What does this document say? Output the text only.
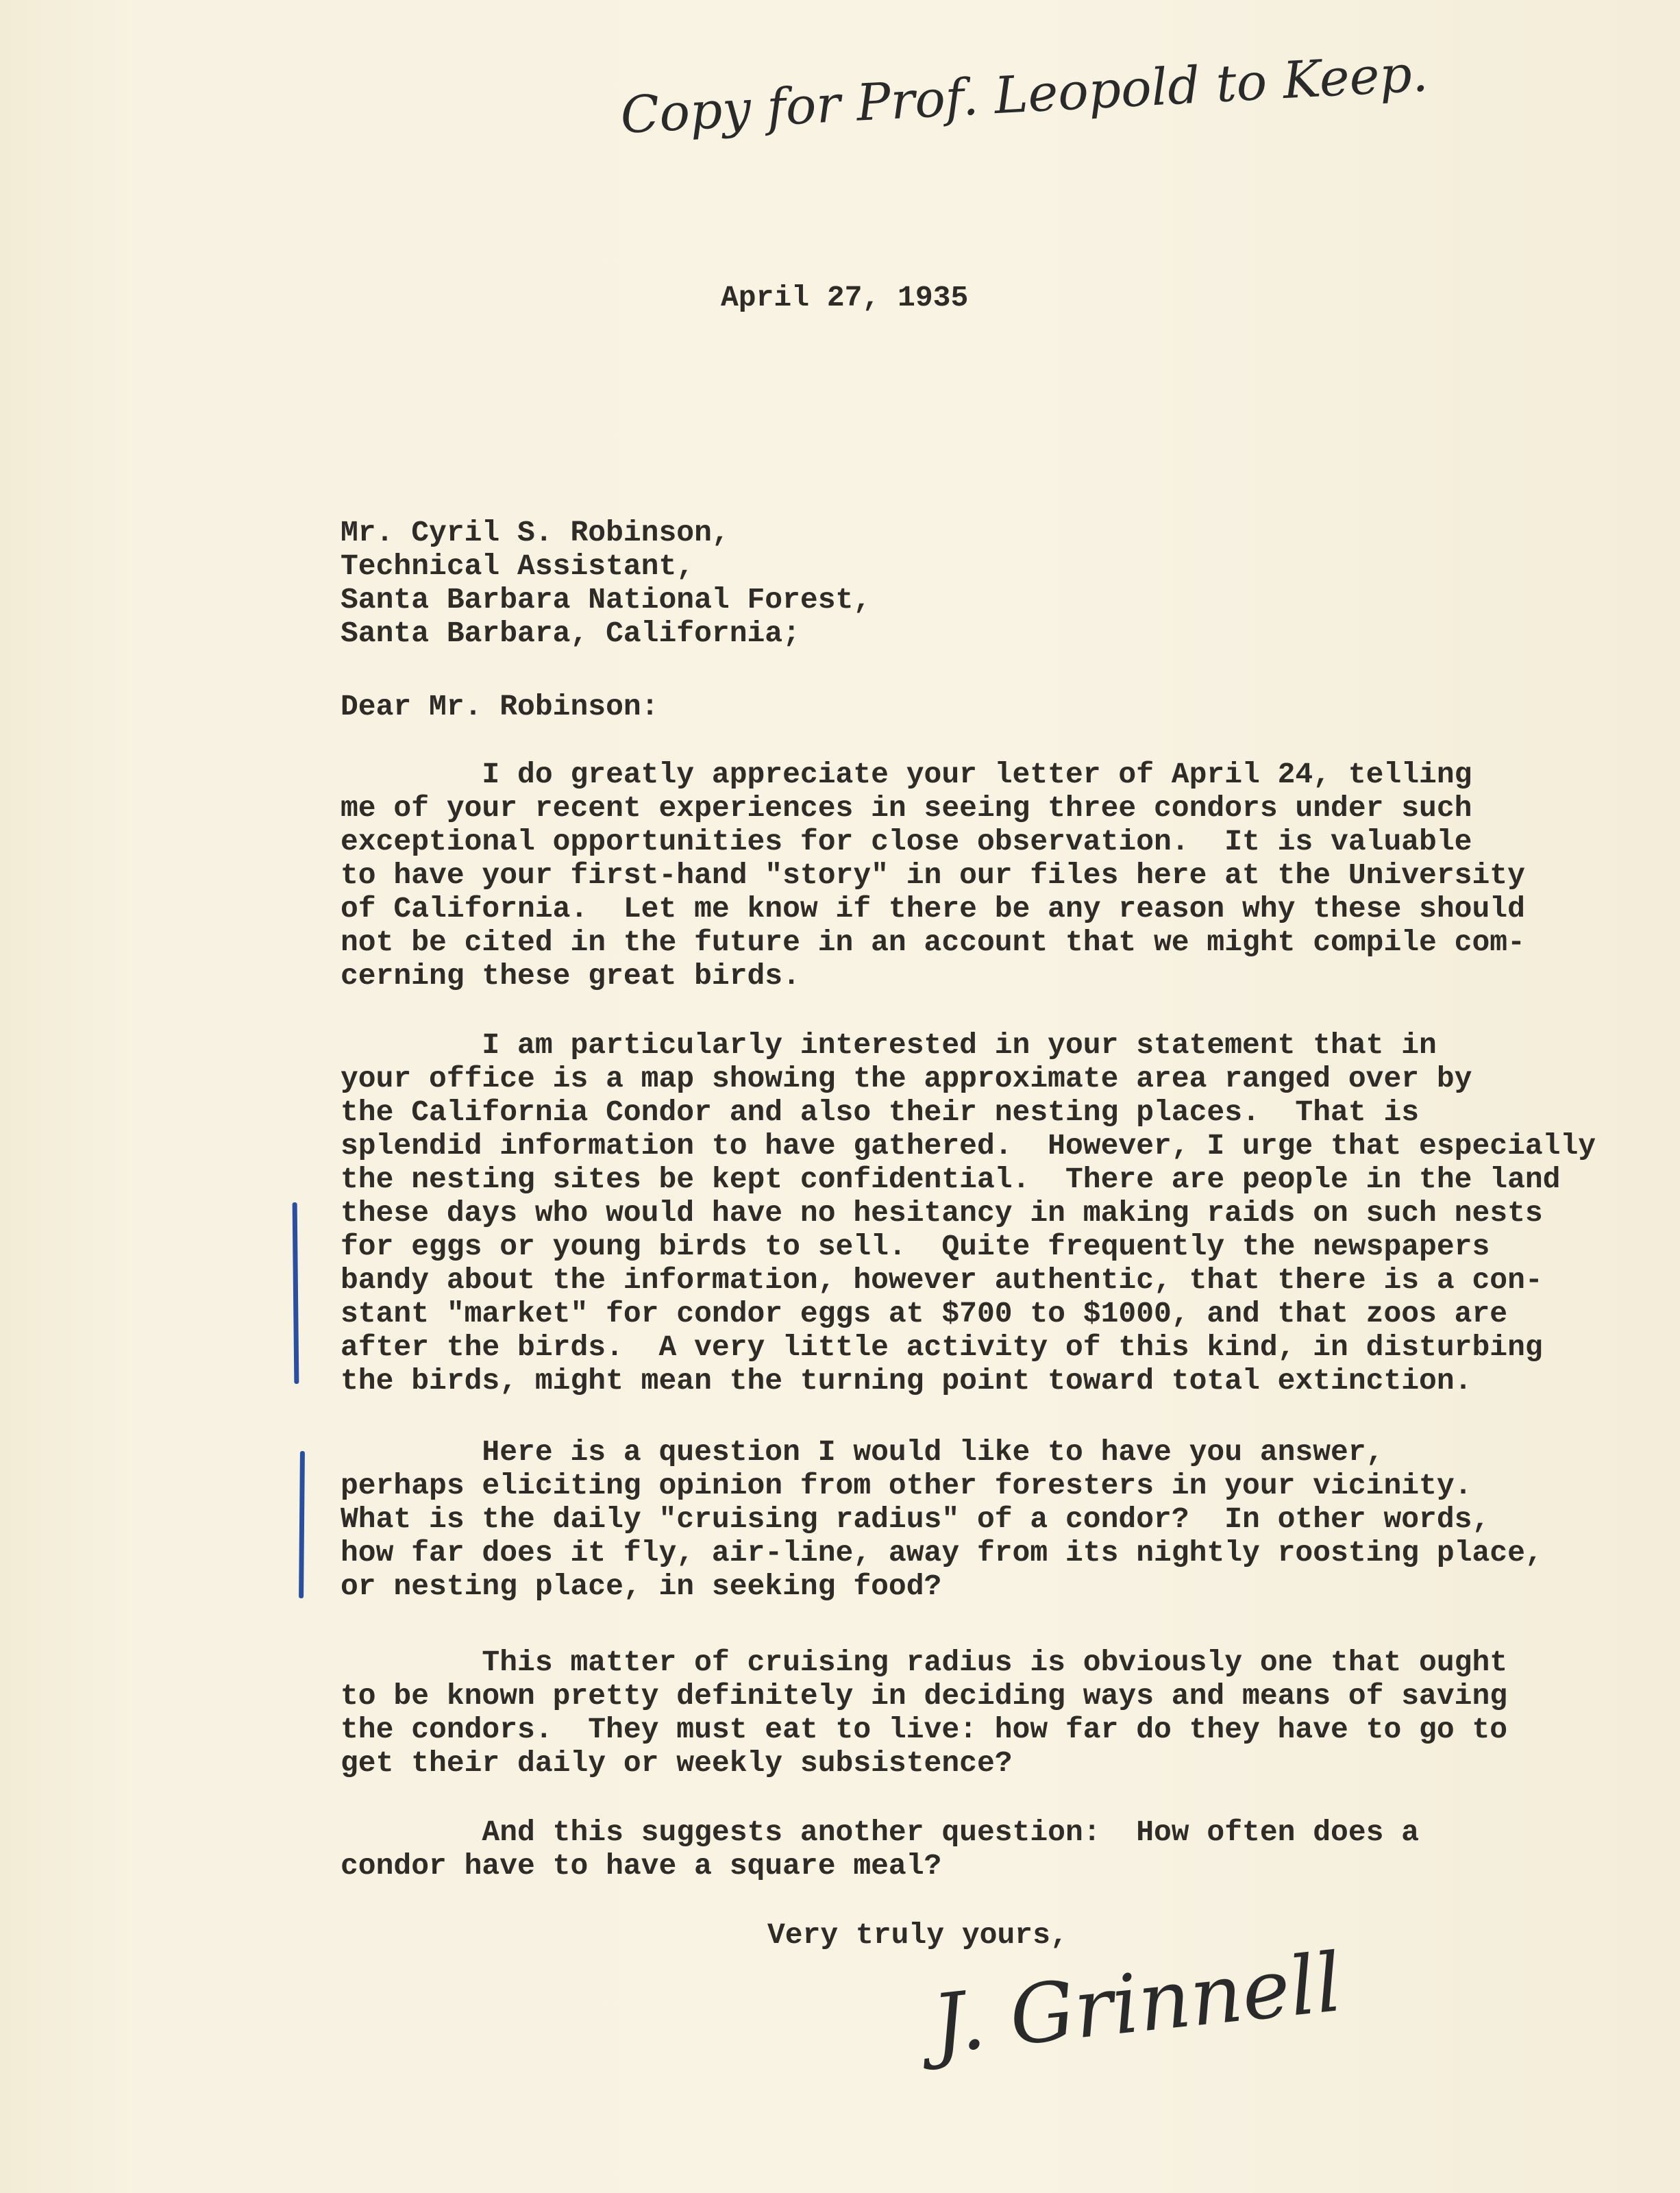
Copy for Prof. Leopold to Keep.
April 27, 1935
Mr. Cyril S. Robinson,
Technical Assistant,
Santa Barbara National Forest,
Santa Barbara, California;
Dear Mr. Robinson:
I do greatly appreciate your letter of April 24, telling
me of your recent experiences in seeing three condors under such
exceptional opportunities for close observation.  It is valuable
to have your first-hand "story" in our files here at the University
of California.  Let me know if there be any reason why these should
not be cited in the future in an account that we might compile com-
cerning these great birds.
I am particularly interested in your statement that in
your office is a map showing the approximate area ranged over by
the California Condor and also their nesting places.  That is
splendid information to have gathered.  However, I urge that especially
the nesting sites be kept confidential.  There are people in the land
these days who would have no hesitancy in making raids on such nests
for eggs or young birds to sell.  Quite frequently the newspapers
bandy about the information, however authentic, that there is a con-
stant "market" for condor eggs at $700 to $1000, and that zoos are
after the birds.  A very little activity of this kind, in disturbing
the birds, might mean the turning point toward total extinction.
Here is a question I would like to have you answer,
perhaps eliciting opinion from other foresters in your vicinity.
What is the daily "cruising radius" of a condor?  In other words,
how far does it fly, air-line, away from its nightly roosting place,
or nesting place, in seeking food?
This matter of cruising radius is obviously one that ought
to be known pretty definitely in deciding ways and means of saving
the condors.  They must eat to live: how far do they have to go to
get their daily or weekly subsistence?
And this suggests another question:  How often does a
condor have to have a square meal?
Very truly yours,
J. Grinnell
